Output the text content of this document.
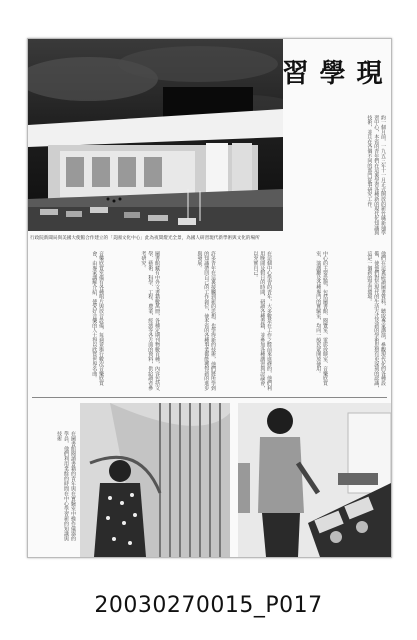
行政院新聞局與美國大使館合作建立的「美國文化中心」此為夜間燈光全景，為國人研習現代新學術與文化的場所
現學習
約一個月前，一九五三年十一月正式開放的新竹縣新埔學習中心，本省的青年們在這裏學習各種新的現代化知識與技術，並且在各個不同的部門從事研究工作。
他們在這裏研讀圖書資料，聽取專家講演，參觀現代化的各種設備，使他們對於現代的生活方式及新的學術思想有更深刻的認識，這是一個新的學習環境。
中心的主要設施，包括圖書館、閱覽室、電影放映室、音樂欣賞室、演講廳及各種專門的實驗室，均向一般民眾開放使用。
在這個中心學習的青年，大多數是在工作之餘前來進修的，他們利用晚間及假日的時間，研讀各種書籍，並參加各種講習與討論會，以充實自己。
許多青年在這裏接觸到新的思想，也學得新的技術，他們將所學到的知識帶回自己的工作崗位，使本省的各種事業都能獲得新的進步與發展。
圖書館藏有中外文書籍數萬冊，各種定期刊物數百種，內容包括文學、藝術、科學、工程、農業、經濟等各方面的資料，供給讀者參考研究。
音樂欣賞室備有各種唱片與放音設備，每週並舉行數次音樂欣賞會，由專家講解介紹，使愛好音樂的人士得以欣賞世界名曲。
在圖書館閱讀書籍的青年與在實驗室中操作儀器的學員，他們利用業餘的時間在中心學習新的知識與技術
20030270015_P017
